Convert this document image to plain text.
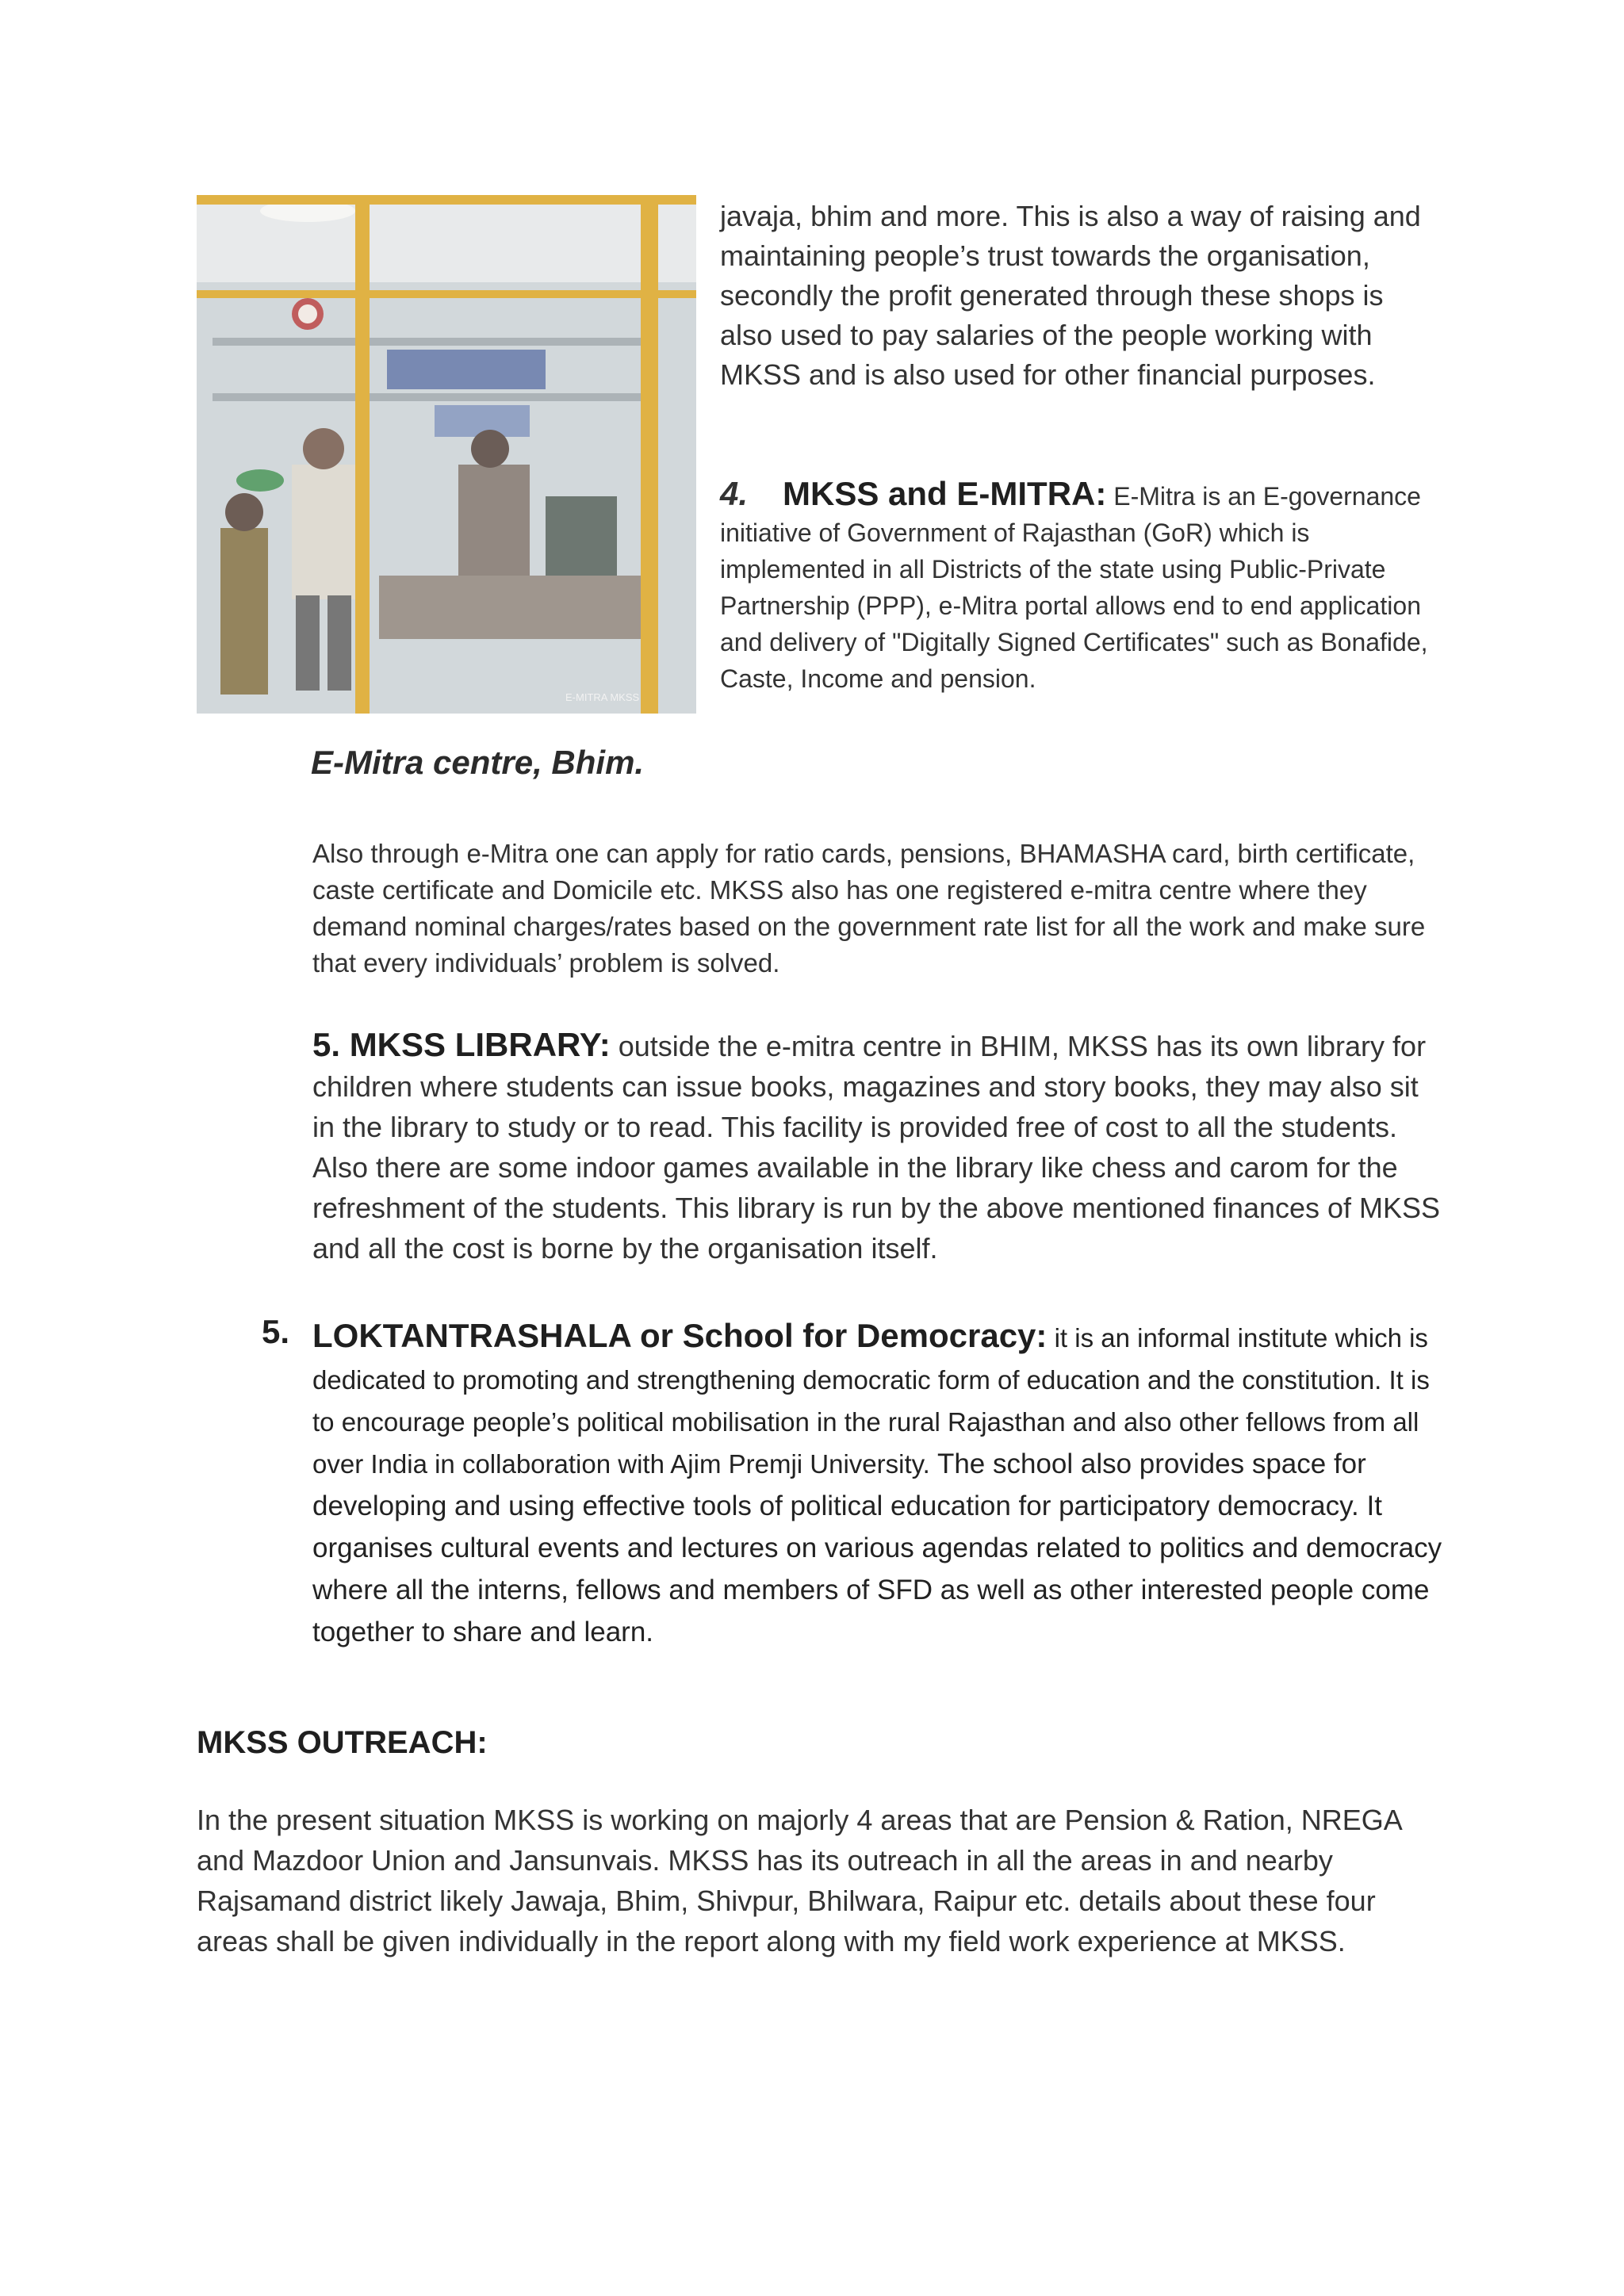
E-MITRA MKSS
E-Mitra centre, Bhim.
javaja, bhim and more. This is also a way of raising and maintaining people’s trust towards the organisation, secondly the profit generated through these shops is also used to pay salaries of the people working with MKSS and is also used for other financial purposes.
4. MKSS and E-MITRA: E-Mitra is an E-governance initiative of Government of Rajasthan (GoR) which is implemented in all Districts of the state using Public-Private Partnership (PPP), e-Mitra portal allows end to end application and delivery of "Digitally Signed Certificates" such as Bonafide, Caste, Income and pension.
Also through e-Mitra one can apply for ratio cards, pensions, BHAMASHA card, birth certificate, caste certificate and Domicile etc. MKSS also has one registered e-mitra centre where they demand nominal charges/rates based on the government rate list for all the work and make sure that every individuals’ problem is solved.
5. MKSS LIBRARY: outside the e-mitra centre in BHIM, MKSS has its own library for children where students can issue books, magazines and story books, they may also sit in the library to study or to read. This facility is provided free of cost to all the students. Also there are some indoor games available in the library like chess and carom for the refreshment of the students. This library is run by the above mentioned finances of MKSS and all the cost is borne by the organisation itself.
5. LOKTANTRASHALA or School for Democracy: it is an informal institute which is dedicated to promoting and strengthening democratic form of education and the constitution. It is to encourage people’s political mobilisation in the rural Rajasthan and also other fellows from all over India in collaboration with Ajim Premji University. The school also provides space for developing and using effective tools of political education for participatory democracy. It organises cultural events and lectures on various agendas related to politics and democracy where all the interns, fellows and members of SFD as well as other interested people come together to share and learn.
MKSS OUTREACH:
In the present situation MKSS is working on majorly 4 areas that are Pension & Ration, NREGA and Mazdoor Union and Jansunvais. MKSS has its outreach in all the areas in and nearby Rajsamand district likely Jawaja, Bhim, Shivpur, Bhilwara, Raipur etc. details about these four areas shall be given individually in the report along with my field work experience at MKSS.
